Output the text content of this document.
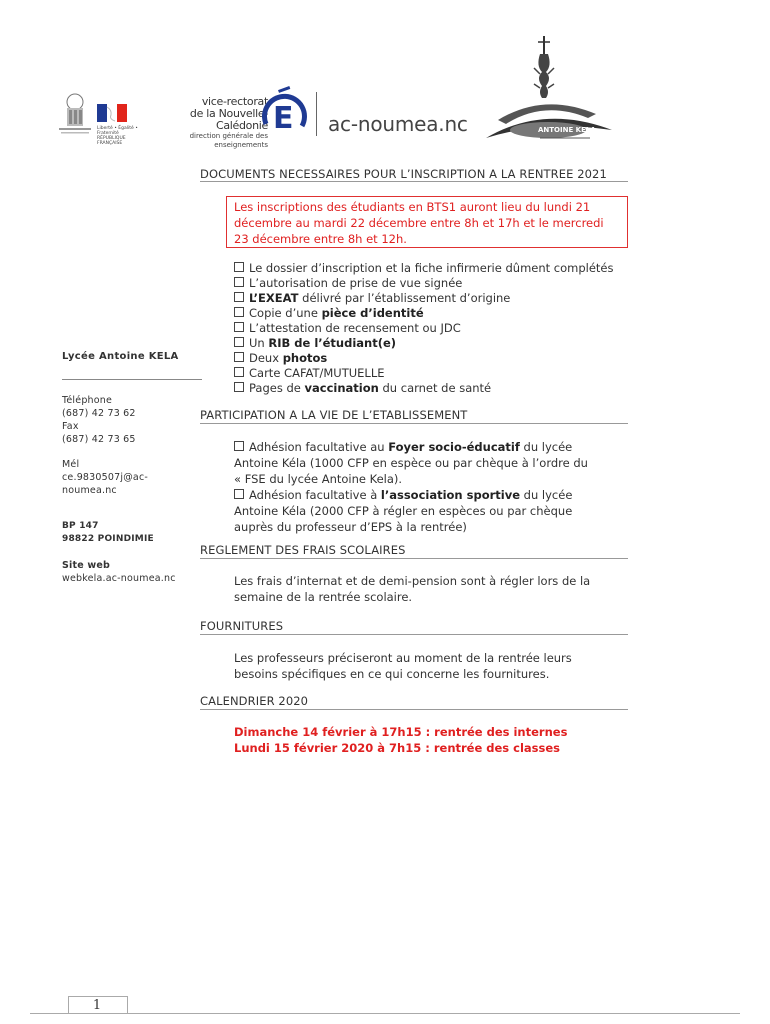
Liberté • Égalité • Fraternité
RÉPUBLIQUE FRANÇAISE
vice-rectorat
de la Nouvelle-Calédonie
direction générale des enseignements
E ac-noumea.nc	ANTOINE KELA
DOCUMENTS NECESSAIRES POUR L’INSCRIPTION A LA RENTREE 2021
Les inscriptions des étudiants en BTS1 auront lieu du lundi 21
décembre au mardi 22 décembre entre 8h et 17h et le mercredi
23 décembre entre 8h et 12h.
Le dossier d’inscription et la fiche infirmerie dûment complétés
L’autorisation de prise de vue signée
L’EXEAT délivré par l’établissement d’origine
Copie d’une pièce d’identité
L’attestation de recensement ou JDC
Un RIB de l’étudiant(e)
Deux photos
Carte CAFAT/MUTUELLE
Pages de vaccination du carnet de santé
PARTICIPATION A LA VIE DE L’ETABLISSEMENT
Adhésion facultative au Foyer socio-éducatif du lycée
Antoine Kéla (1000 CFP en espèce ou par chèque à l’ordre du
« FSE du lycée Antoine Kela).
Adhésion facultative à l’association sportive du lycée
Antoine Kéla (2000 CFP à régler en espèces ou par chèque
auprès du professeur d’EPS à la rentrée)
REGLEMENT DES FRAIS SCOLAIRES
Les frais d’internat et de demi-pension sont à régler lors de la
semaine de la rentrée scolaire.
FOURNITURES
Les professeurs préciseront au moment de la rentrée leurs
besoins spécifiques en ce qui concerne les fournitures.
CALENDRIER 2020
Dimanche 14 février à 17h15 : rentrée des internes
Lundi 15 février 2020 à 7h15 : rentrée des classes
Lycée Antoine KELA
Téléphone
(687) 42 73 62
Fax
(687) 42 73 65
Mél
ce.9830507j@ac-
noumea.nc
BP 147
98822 POINDIMIE
Site web
webkela.ac-noumea.nc
1
